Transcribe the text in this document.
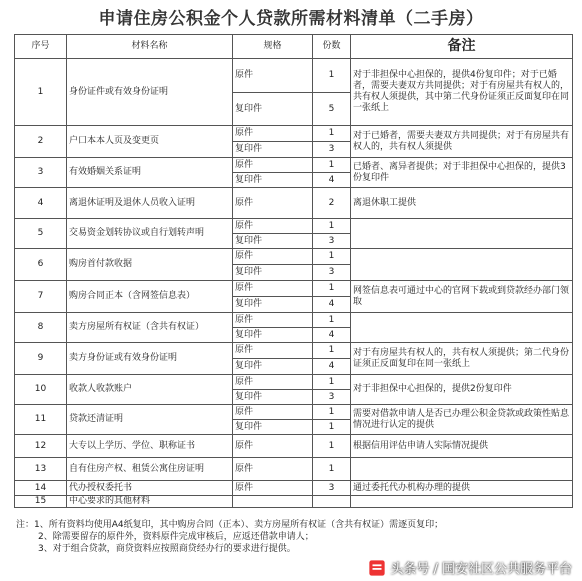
申请住房公积金个人贷款所需材料清单（二手房）
序号	材料名称	规格	份数	备注
1	身份证件或有效身份证明	原件	1	对于非担保中心担保的，提供4份复印件；对于已婚者，需要夫妻双方共同提供；对于有房屋共有权人的，共有权人须提供，其中第二代身份证须正反面复印在同一张纸上
		复印件	5	
2	户口本本人页及变更页	原件	1	对于已婚者，需要夫妻双方共同提供；对于有房屋共有权人的，共有权人须提供
		复印件	3	
3	有效婚姻关系证明	原件	1	已婚者、离异者提供；对于非担保中心担保的，提供3份复印件
		复印件	4	
4	离退休证明及退休人员收入证明	原件	2	离退休职工提供
5	交易资金划转协议或自行划转声明	原件	1	
		复印件	3	
6	购房首付款收据	原件	1	
		复印件	3	
7	购房合同正本（含网签信息表）	原件	1	网签信息表可通过中心的官网下载或到贷款经办部门领取
		复印件	4	
8	卖方房屋所有权证（含共有权证）	原件	1	
		复印件	4	
9	卖方身份证或有效身份证明	原件	1	对于有房屋共有权人的，共有权人须提供；第二代身份证须正反面复印在同一张纸上
		复印件	4	
10	收款人收款账户	原件	1	对于非担保中心担保的，提供2份复印件
		复印件	3	
11	贷款还清证明	原件	1	需要对借款申请人是否已办理公积金贷款或政策性贴息情况进行认定的提供
		复印件	1	
12	大专以上学历、学位、职称证书	原件	1	根据信用评估申请人实际情况提供
13	自有住房产权、租赁公寓住房证明	原件	1	
14	代办授权委托书	原件	3	通过委托代办机构办理的提供
15	中心要求的其他材料			
注：1、所有资料均使用A4纸复印，其中购房合同（正本）、卖方房屋所有权证（含共有权证）需逐页复印；
2、除需要留存的原件外，资料原件完成审核后，应返还借款申请人；
3、对于组合贷款，商贷资料应按照商贷经办行的要求进行提供。
头条号 / 国安社区公共服务平台
